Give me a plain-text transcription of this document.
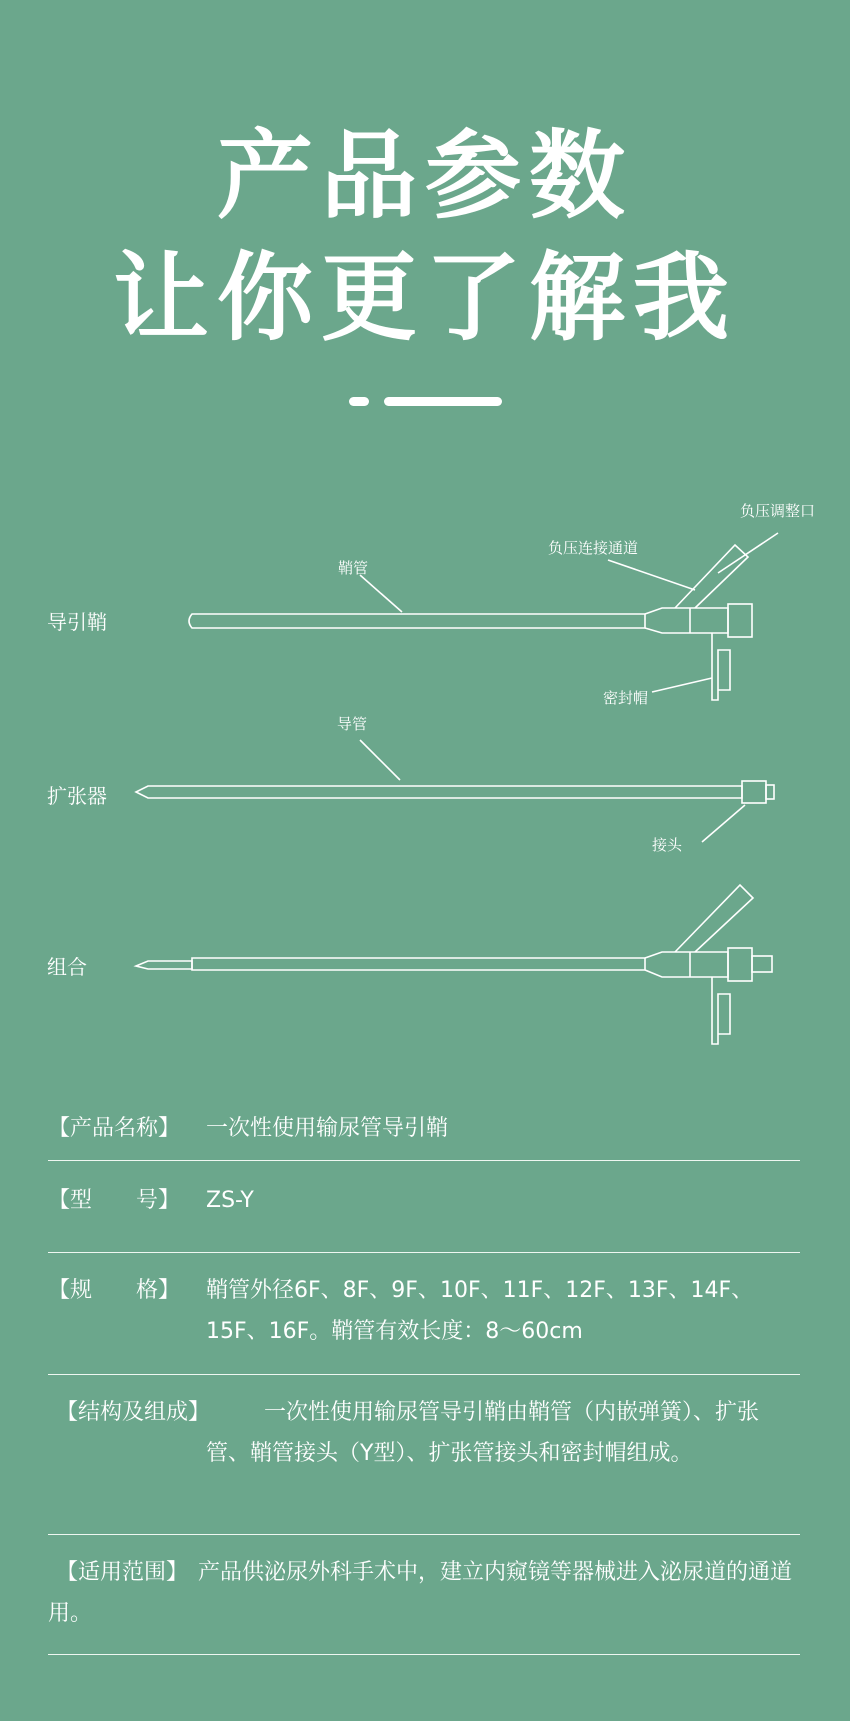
产品参数
让你更了解我
导引鞘
扩张器
组合
鞘管
负压连接通道
负压调整口
密封帽
导管
接头
【产品名称】	一次性使用输尿管导引鞘
【型　　号】	ZS-Y
【规　　格】	鞘管外径6F、8F、9F、10F、11F、12F、13F、14F、15F、16F。鞘管有效长度：8～60cm
【结构及组成】	一次性使用输尿管导引鞘由鞘管（内嵌弹簧）、扩张管、鞘管接头（Y型）、扩张管接头和密封帽组成。
【适用范围】 产品供泌尿外科手术中，建立内窥镜等器械进入泌尿道的通道用。
